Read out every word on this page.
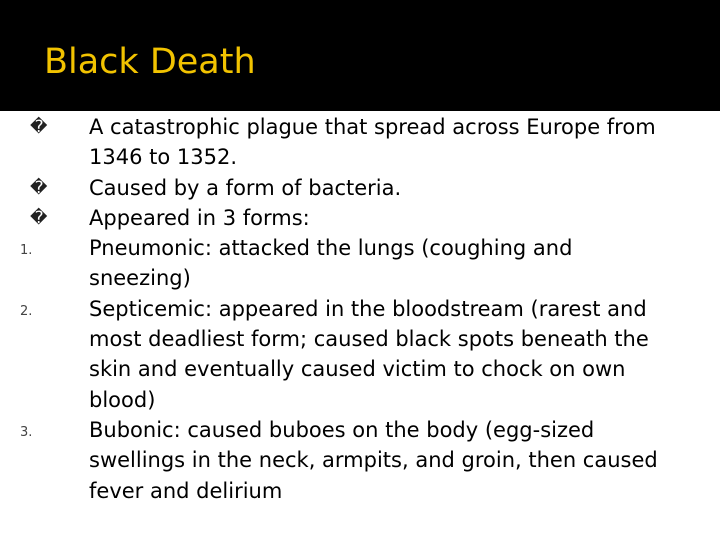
Black Death
�	A catastrophic plague that spread across Europe from 1346 to 1352.
�	Caused by a form of bacteria.
�	Appeared in 3 forms:
1.	Pneumonic: attacked the lungs (coughing and sneezing)
2.	Septicemic: appeared in the bloodstream (rarest and most deadliest form; caused black spots beneath the skin and eventually caused victim to chock on own blood)
3.	Bubonic: caused buboes on the body (egg-sized swellings in the neck, armpits, and groin, then caused fever and delirium
